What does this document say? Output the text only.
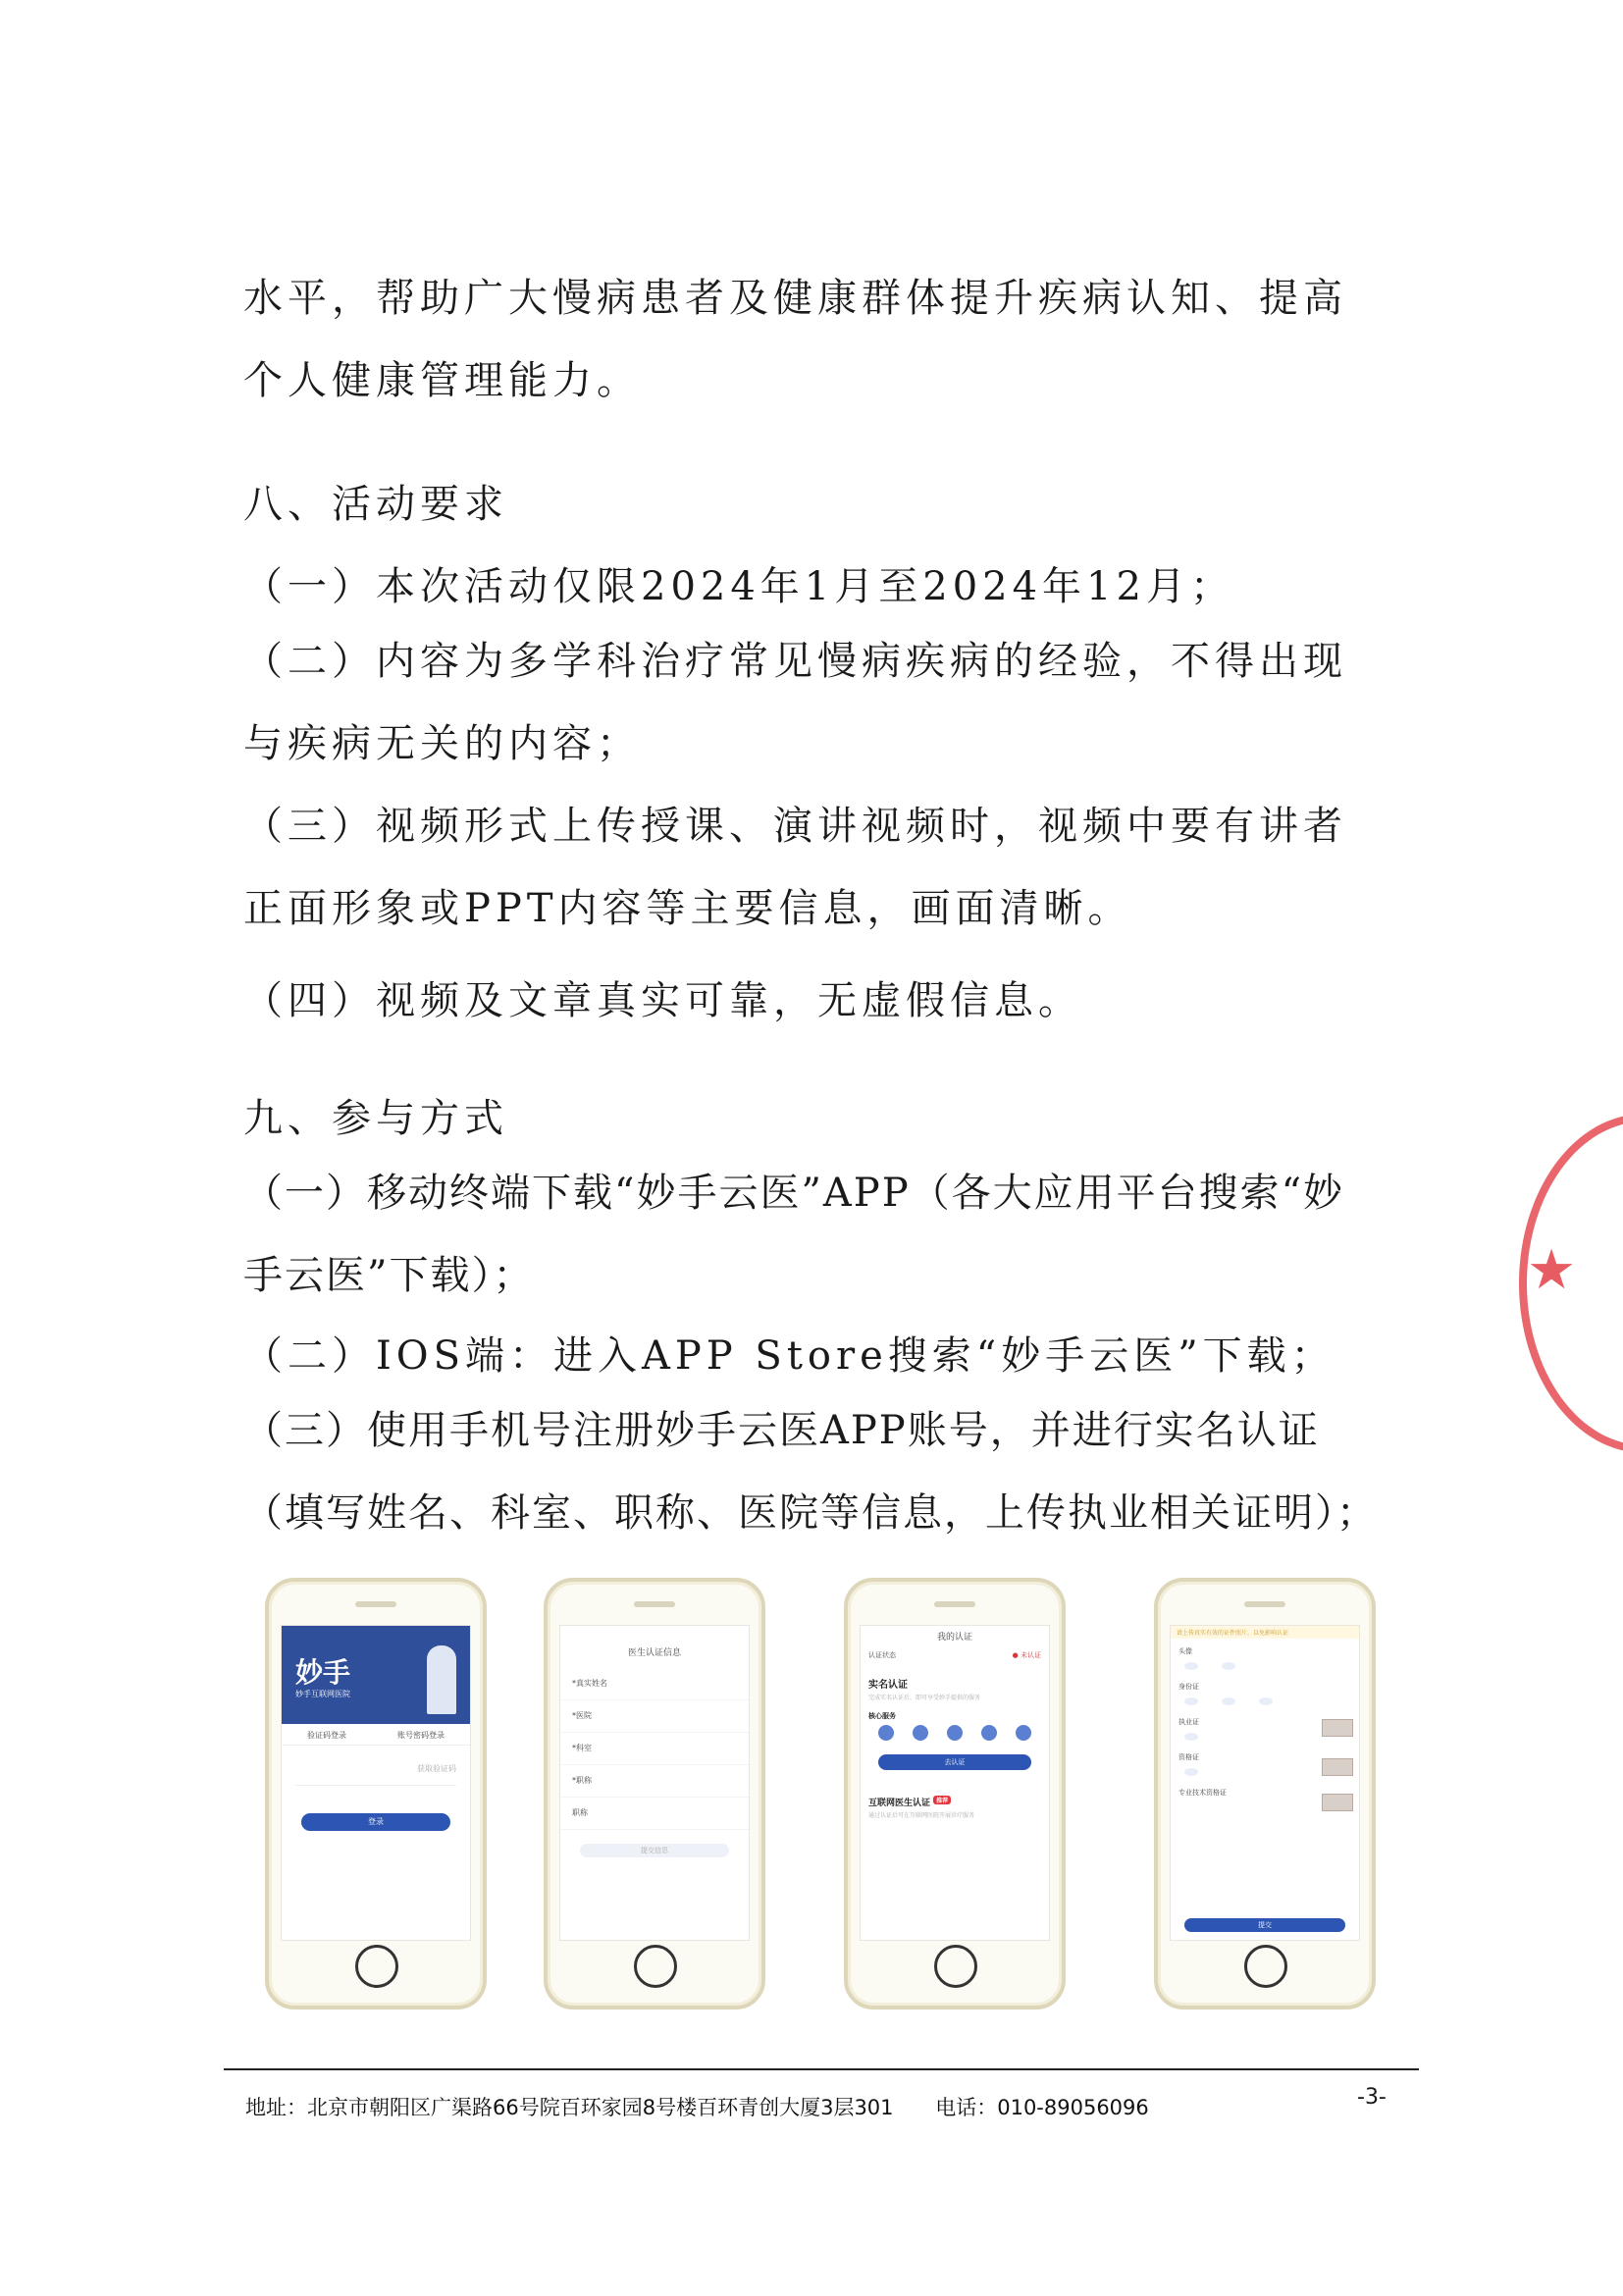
水平，帮助广大慢病患者及健康群体提升疾病认知、提高个人健康管理能力。

八、活动要求

（一）本次活动仅限2024年1月至2024年12月；

（二）内容为多学科治疗常见慢病疾病的经验，不得出现与疾病无关的内容；

（三）视频形式上传授课、演讲视频时，视频中要有讲者正面形象或PPT内容等主要信息，画面清晰。

（四）视频及文章真实可靠，无虚假信息。

九、参与方式

（一）移动终端下载“妙手云医”APP（各大应用平台搜索“妙手云医”下载）；

（二）IOS端：进入APP Store搜索“妙手云医”下载；

（三）使用手机号注册妙手云医APP账号，并进行实名认证（填写姓名、科室、职称、医院等信息，上传执业相关证明）；

★
妙手
妙手互联网医院
验证码登录	账号密码登录
获取验证码
登录
医生认证信息
*真实姓名
*医院
*科室
*职称
职称
提交信息
我的认证
认证状态	● 未认证
实名认证
完成实名认证后，即可享受妙手提供的服务
核心服务
去认证
互联网医生认证 推荐
通过认证后可在互联网医院开展诊疗服务
请上传真实有效的证件照片，以免影响认证
头像
身份证
执业证
资格证
专业技术资格证
提交
地址：北京市朝阳区广渠路66号院百环家园8号楼百环青创大厦3层301 电话：010-89056096	-3-
